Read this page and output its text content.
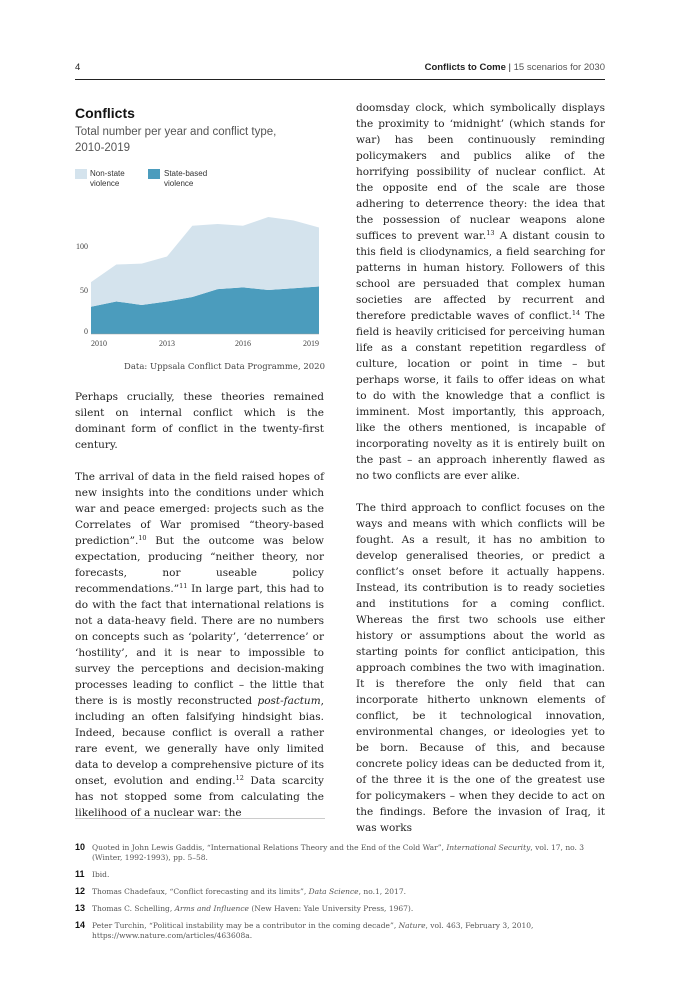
4	Conflicts to Come | 15 scenarios for 2030
Conflicts
Total number per year and conflict type, 2010-2019
Non-state
violence
State-based
violence
0
50
100
2010	2013	2016	2019
Data: Uppsala Conflict Data Programme, 2020

Perhaps crucially, these theories remained silent on internal conflict which is the dominant form of conflict in the twenty-first century.

The arrival of data in the field raised hopes of new insights into the conditions under which war and peace emerged: projects such as the Correlates of War promised “theory-based prediction”.$^{10}$ But the outcome was below expectation, producing “neither theory, nor forecasts, nor useable policy recommendations.”$^{11}$ In large part, this had to do with the fact that international relations is not a data-heavy field. There are no numbers on concepts such as ‘polarity’, ‘deterrence’ or ‘hostility’, and it is near to impossible to survey the perceptions and decision-making processes leading to conflict – the little that there is is mostly reconstructed post-factum, including an often falsifying hindsight bias. Indeed, because conflict is overall a rather rare event, we generally have only limited data to develop a comprehensive picture of its onset, evolution and ending.$^{12}$ Data scarcity has not stopped some from calculating the likelihood of a nuclear war: the

doomsday clock, which symbolically displays the proximity to ‘midnight’ (which stands for war) has been continuously reminding policymakers and publics alike of the horrifying possibility of nuclear conflict. At the opposite end of the scale are those adhering to deterrence theory: the idea that the possession of nuclear weapons alone suffices to prevent war.$^{13}$ A distant cousin to this field is cliodynamics, a field searching for patterns in human history. Followers of this school are persuaded that complex human societies are affected by recurrent and therefore predictable waves of conflict.$^{14}$ The field is heavily criticised for perceiving human life as a constant repetition regardless of culture, location or point in time – but perhaps worse, it fails to offer ideas on what to do with the knowledge that a conflict is imminent. Most importantly, this approach, like the others mentioned, is incapable of incorporating novelty as it is entirely built on the past – an approach inherently flawed as no two conflicts are ever alike.

The third approach to conflict focuses on the ways and means with which conflicts will be fought. As a result, it has no ambition to develop generalised theories, or predict a conflict’s onset before it actually happens. Instead, its contribution is to ready societies and institutions for a coming conflict. Whereas the first two schools use either history or assumptions about the world as starting points for conflict anticipation, this approach combines the two with imagination. It is therefore the only field that can incorporate hitherto unknown elements of conflict, be it technological innovation, environmental changes, or ideologies yet to be born. Because of this, and because concrete policy ideas can be deducted from it, of the three it is the one of the greatest use for policymakers – when they decide to act on the findings. Before the invasion of Iraq, it was works

10 Quoted in John Lewis Gaddis, “International Relations Theory and the End of the Cold War”, International Security, vol. 17, no. 3 (Winter, 1992-1993), pp. 5–58.
11 Ibid.
12 Thomas Chadefaux, “Conflict forecasting and its limits”, Data Science, no.1, 2017.
13 Thomas C. Schelling, Arms and Influence (New Haven: Yale University Press, 1967).
14 Peter Turchin, “Political instability may be a contributor in the coming decade”, Nature, vol. 463, February 3, 2010, https://www.nature.com/articles/463608a.
